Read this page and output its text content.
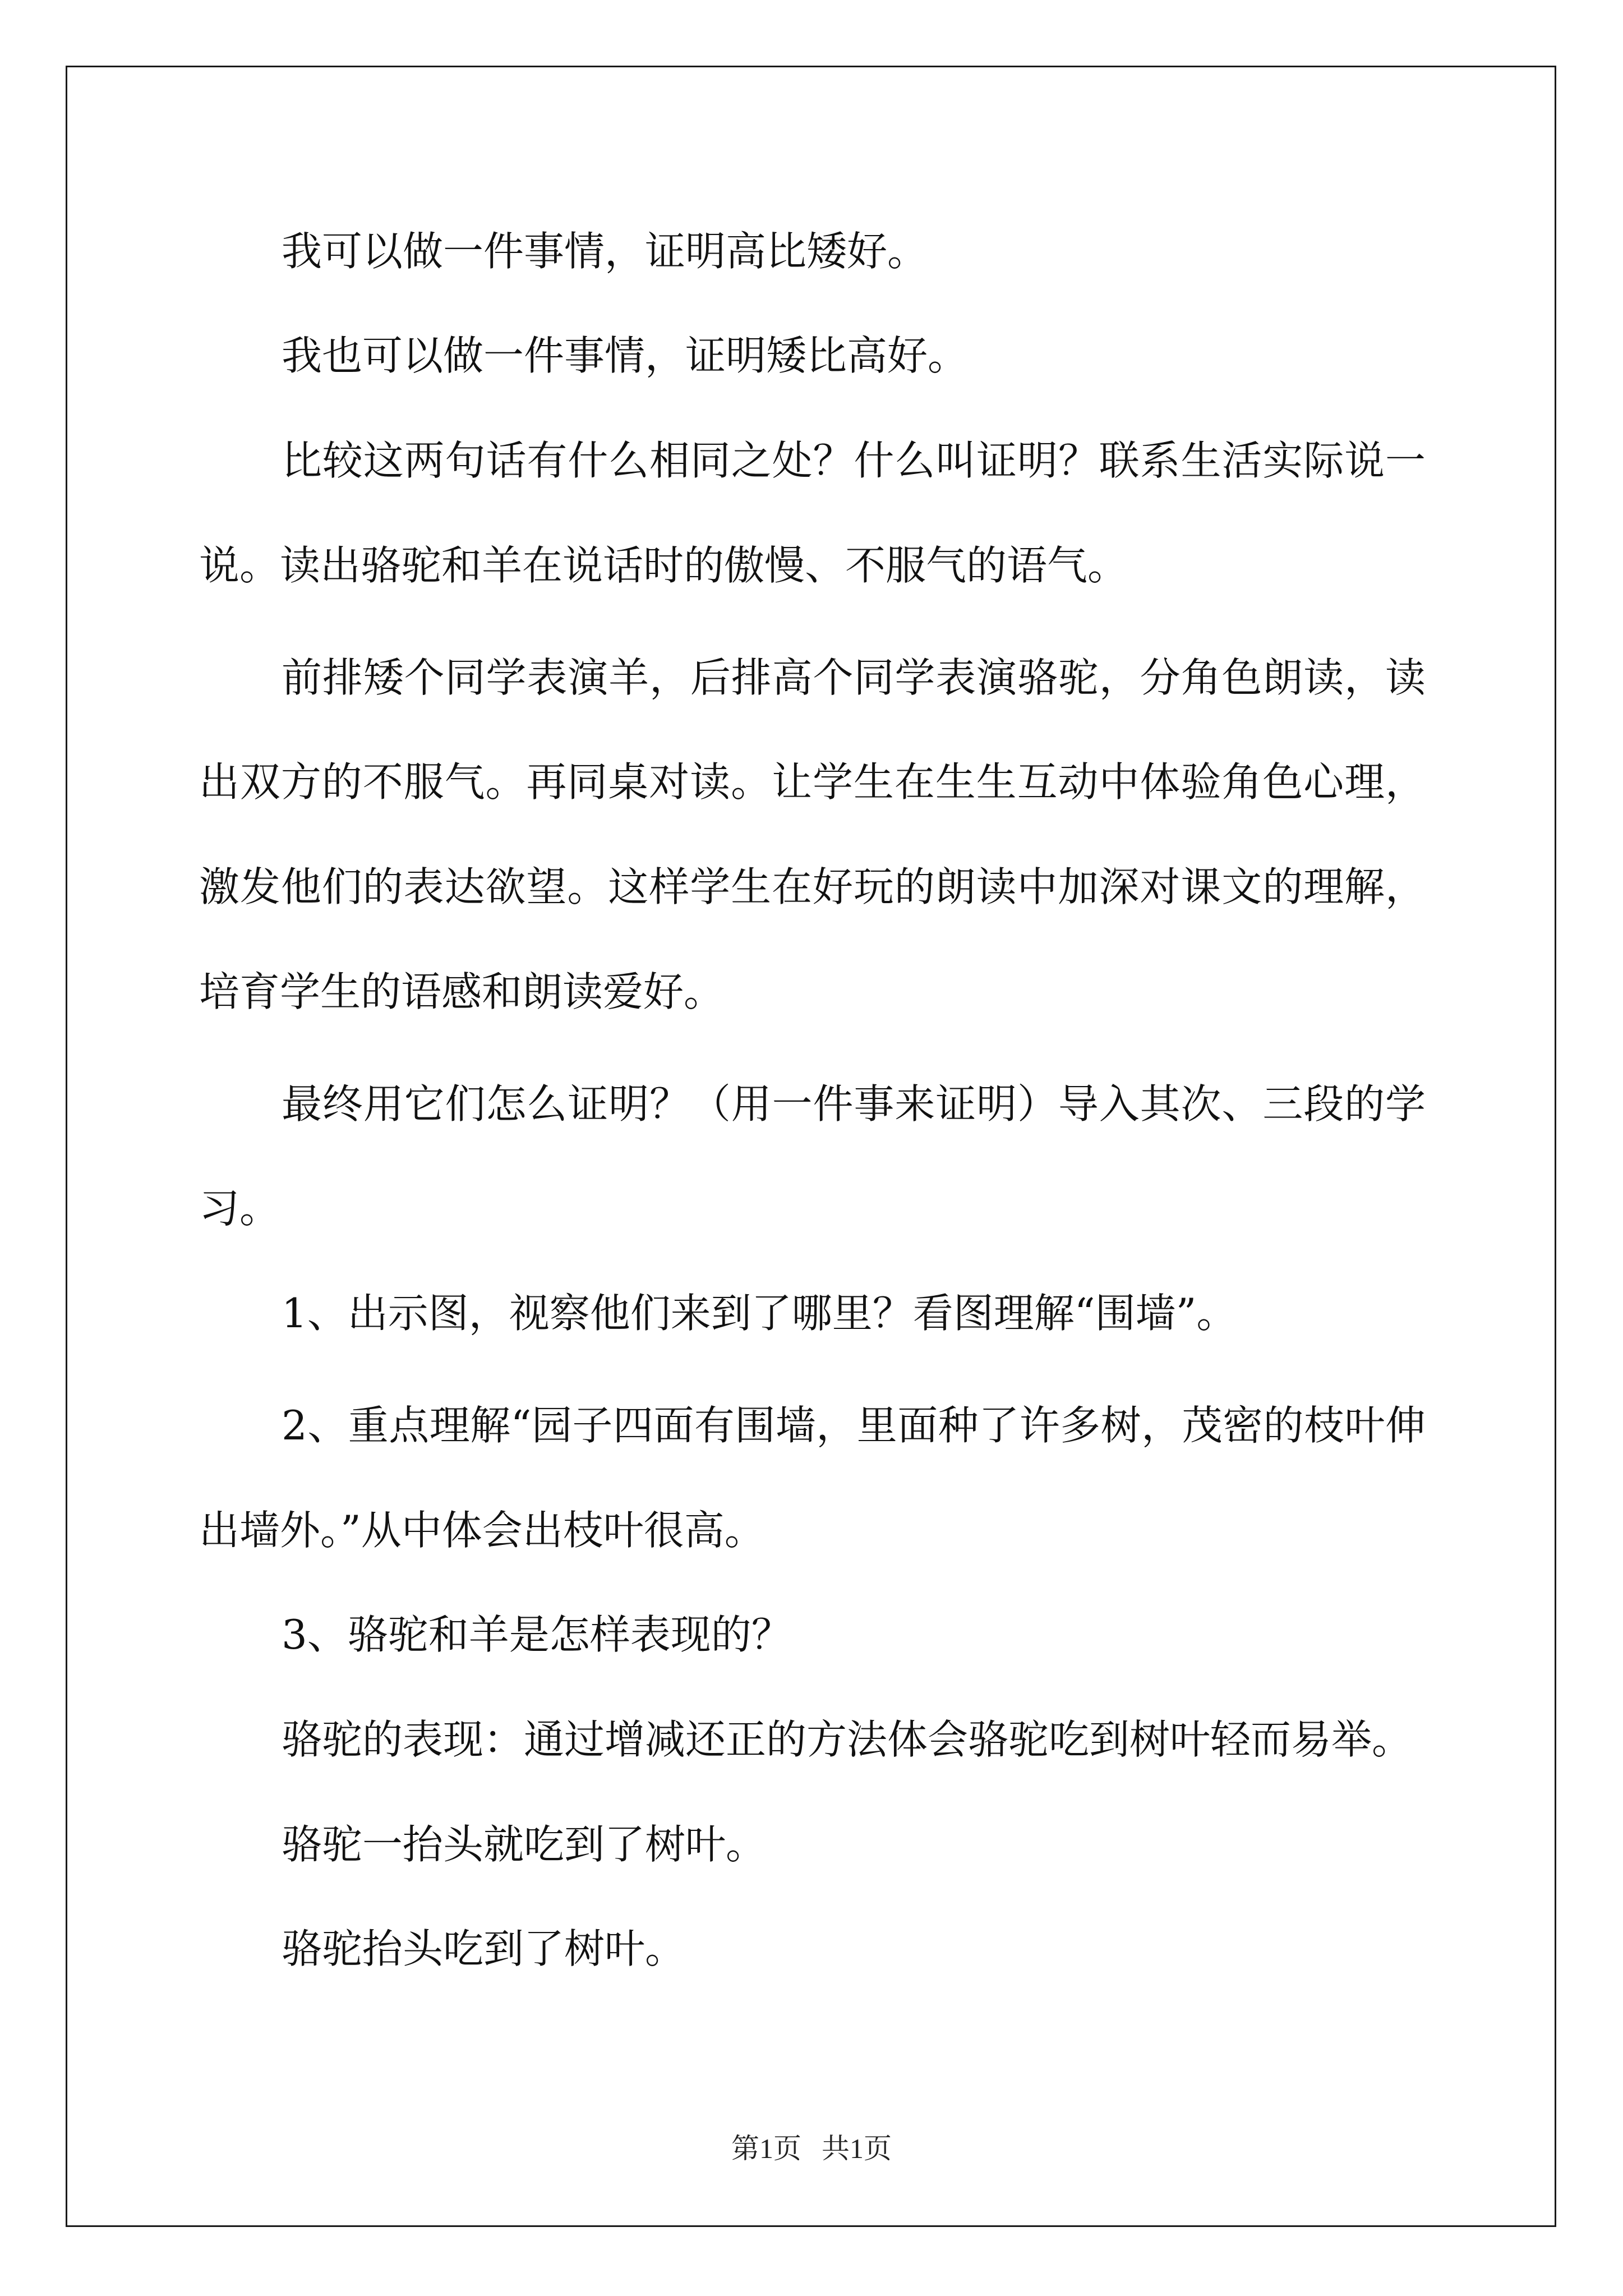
我可以做一件事情，证明高比矮好。
我也可以做一件事情，证明矮比高好。
比较这两句话有什么相同之处？什么叫证明？联系生活实际说一
说。读出骆驼和羊在说话时的傲慢、不服气的语气。
前排矮个同学表演羊，后排高个同学表演骆驼，分角色朗读，读
出双方的不服气。再同桌对读。让学生在生生互动中体验角色心理，
激发他们的表达欲望。这样学生在好玩的朗读中加深对课文的理解，
培育学生的语感和朗读爱好。
最终用它们怎么证明？（用一件事来证明）导入其次、三段的学
习。
1、出示图，视察他们来到了哪里？看图理解“围墙”。
2、重点理解“园子四面有围墙，里面种了许多树，茂密的枝叶伸
出墙外。”从中体会出枝叶很高。
3、骆驼和羊是怎样表现的？
骆驼的表现：通过增减还正的方法体会骆驼吃到树叶轻而易举。
骆驼一抬头就吃到了树叶。
骆驼抬头吃到了树叶。
第1页 共1页
